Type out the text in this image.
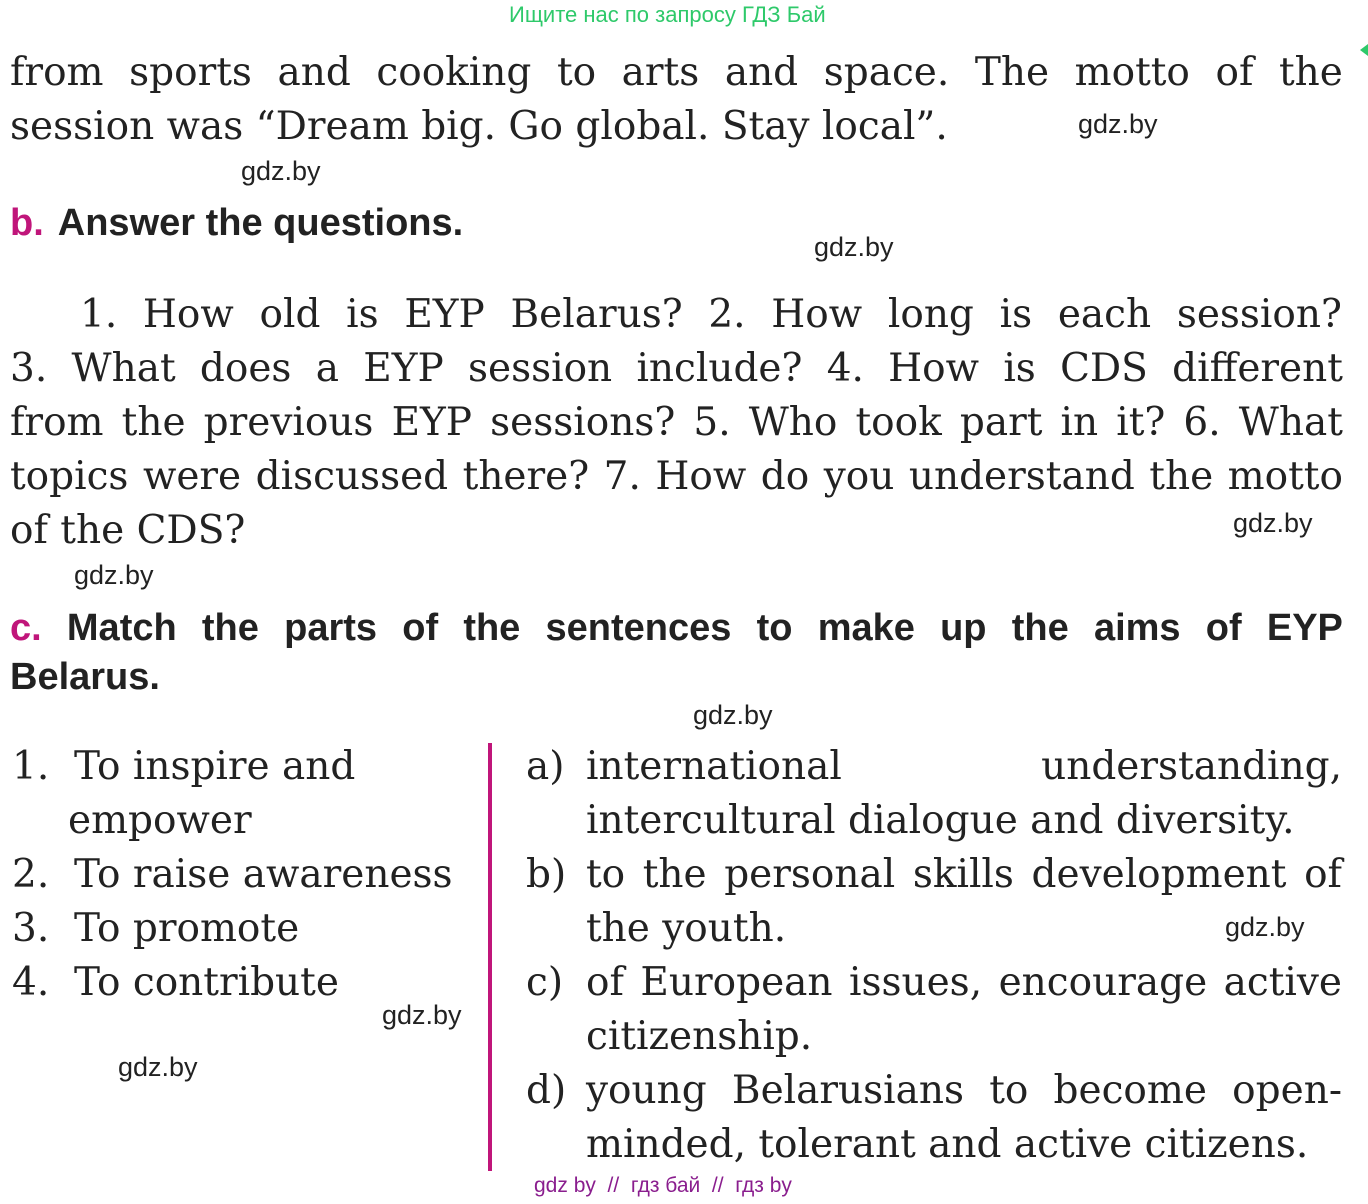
Ищите нас по запросу ГДЗ Бай
from sports and cooking to arts and space. The motto of the
session was “Dream big. Go global. Stay local”.
b. Answer the questions.
1. How old is EYP Belarus? 2. How long is each session?
3. What does a EYP session include? 4. How is CDS different
from the previous EYP sessions? 5. Who took part in it? 6. What
topics were discussed there? 7. How do you understand the motto
of the CDS?
c. Match the parts of the sentences to make up the aims of EYP
Belarus.
1. To inspire and
empower
2. To raise awareness
3. To promote
4. To contribute
a) international	understanding,
intercultural dialogue and diversity.
b) to the personal skills development of
the youth.
c) of European issues, encourage active
citizenship.
d) young Belarusians to become open-
minded, tolerant and active citizens.
gdz.by
gdz.by
gdz.by
gdz.by
gdz.by
gdz.by
gdz.by
gdz.by
gdz.by
gdz by  //  гдз бай  //  гдз by
